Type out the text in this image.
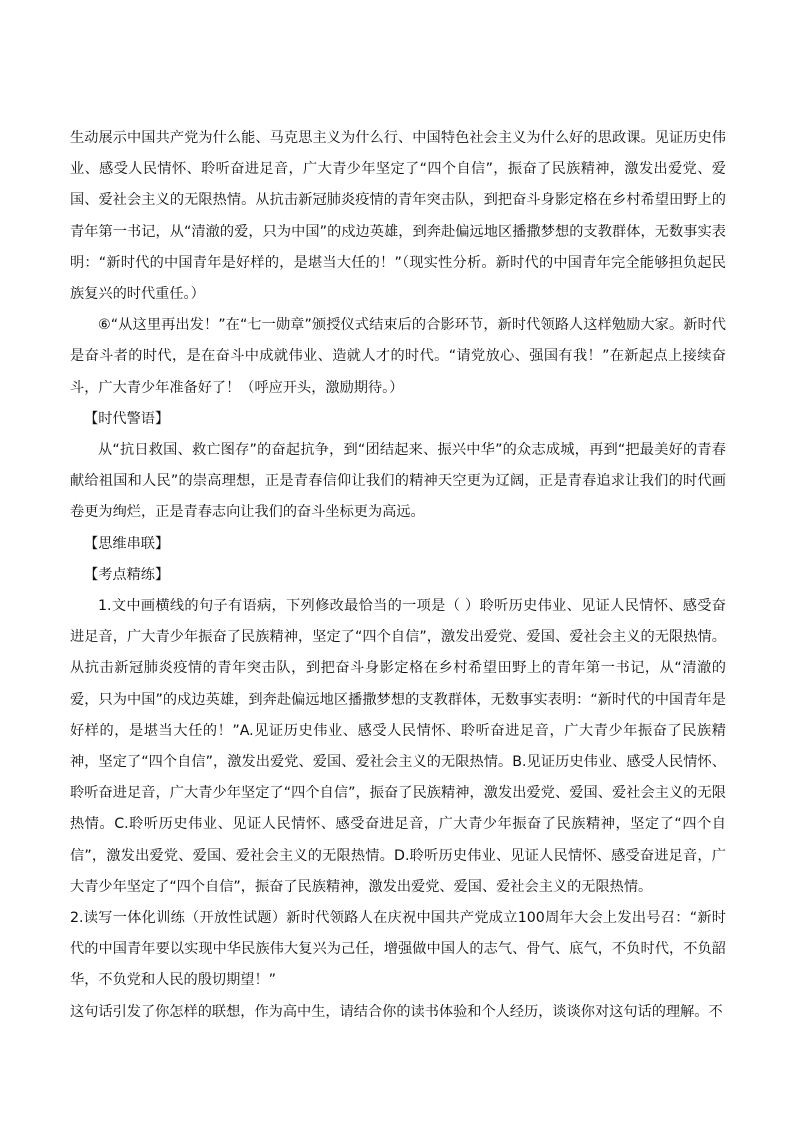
生动展示中国共产党为什么能、马克思主义为什么行、中国特色社会主义为什么好的思政课。见证历史伟业、感受人民情怀、聆听奋进足音，广大青少年坚定了“四个自信”，振奋了民族精神，激发出爱党、爱国、爱社会主义的无限热情。从抗击新冠肺炎疫情的青年突击队，到把奋斗身影定格在乡村希望田野上的青年第一书记，从“清澈的爱，只为中国”的戍边英雄，到奔赴偏远地区播撒梦想的支教群体，无数事实表明：“新时代的中国青年是好样的，是堪当大任的！”（现实性分析。新时代的中国青年完全能够担负起民族复兴的时代重任。）

⑥“从这里再出发！”在“七一勋章”颁授仪式结束后的合影环节，新时代领路人这样勉励大家。新时代是奋斗者的时代，是在奋斗中成就伟业、造就人才的时代。“请党放心、强国有我！”在新起点上接续奋斗，广大青少年准备好了！（呼应开头，激励期待。）

【时代警语】

从“抗日救国、救亡图存”的奋起抗争，到“团结起来、振兴中华”的众志成城，再到“把最美好的青春献给祖国和人民”的崇高理想，正是青春信仰让我们的精神天空更为辽阔，正是青春追求让我们的时代画卷更为绚烂，正是青春志向让我们的奋斗坐标更为高远。

【思维串联】

【考点精练】

1.文中画横线的句子有语病，下列修改最恰当的一项是（ ）聆听历史伟业、见证人民情怀、感受奋进足音，广大青少年振奋了民族精神，坚定了“四个自信”，激发出爱党、爱国、爱社会主义的无限热情。从抗击新冠肺炎疫情的青年突击队，到把奋斗身影定格在乡村希望田野上的青年第一书记，从“清澈的爱，只为中国”的戍边英雄，到奔赴偏远地区播撒梦想的支教群体，无数事实表明：“新时代的中国青年是好样的，是堪当大任的！”A.见证历史伟业、感受人民情怀、聆听奋进足音，广大青少年振奋了民族精神，坚定了“四个自信”，激发出爱党、爱国、爱社会主义的无限热情。B.见证历史伟业、感受人民情怀、聆听奋进足音，广大青少年坚定了“四个自信”，振奋了民族精神，激发出爱党、爱国、爱社会主义的无限热情。C.聆听历史伟业、见证人民情怀、感受奋进足音，广大青少年振奋了民族精神，坚定了“四个自信”，激发出爱党、爱国、爱社会主义的无限热情。D.聆听历史伟业、见证人民情怀、感受奋进足音，广大青少年坚定了“四个自信”，振奋了民族精神，激发出爱党、爱国、爱社会主义的无限热情。

2.读写一体化训练（开放性试题）新时代领路人在庆祝中国共产党成立100周年大会上发出号召：“新时代的中国青年要以实现中华民族伟大复兴为己任，增强做中国人的志气、骨气、底气，不负时代，不负韶华，不负党和人民的殷切期望！”

这句话引发了你怎样的联想，作为高中生，请结合你的读书体验和个人经历，谈谈你对这句话的理解。不
